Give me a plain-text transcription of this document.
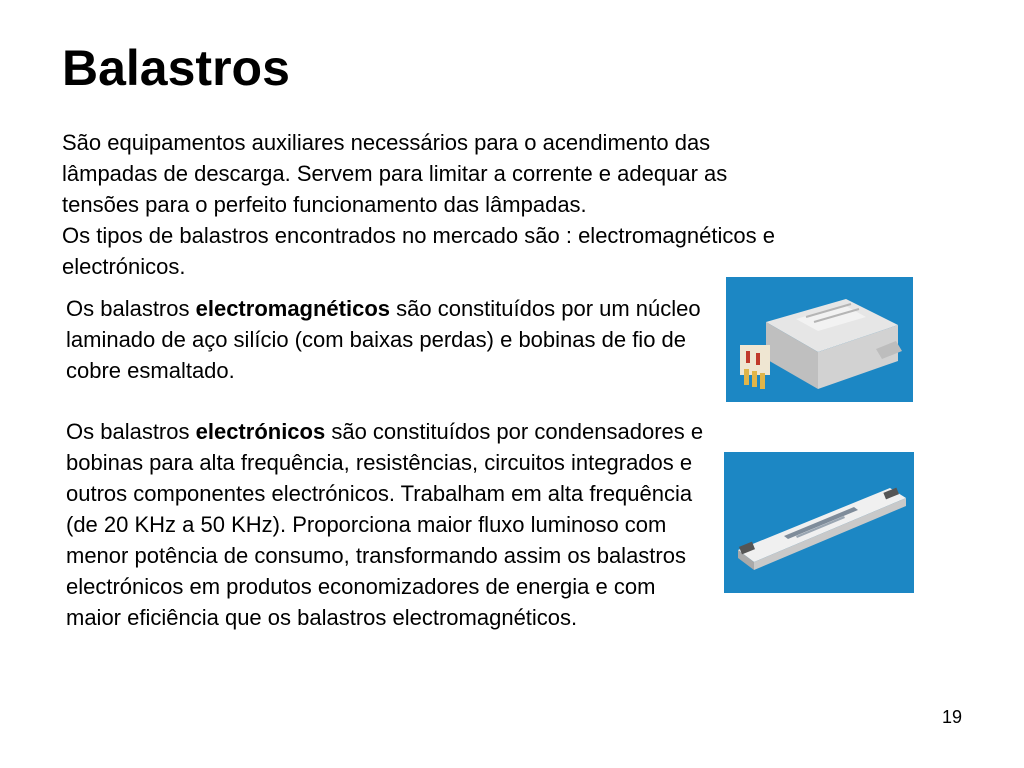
Balastros

São equipamentos auxiliares necessários para o acendimento das

lâmpadas de descarga. Servem para limitar a corrente e adequar as

tensões para o perfeito funcionamento das lâmpadas.

Os tipos de balastros encontrados no mercado são : electromagnéticos e

electrónicos.

Os balastros electromagnéticos são constituídos por um núcleo laminado de aço silício (com baixas perdas) e bobinas de fio de cobre esmaltado.
Os balastros electrónicos são constituídos por condensadores e bobinas para alta frequência, resistências, circuitos integrados e outros componentes electrónicos. Trabalham em alta frequência (de 20 KHz a 50 KHz). Proporciona maior fluxo luminoso com menor potência de consumo, transformando assim os balastros electrónicos em produtos economizadores de energia e com maior eficiência que os balastros electromagnéticos.
19
